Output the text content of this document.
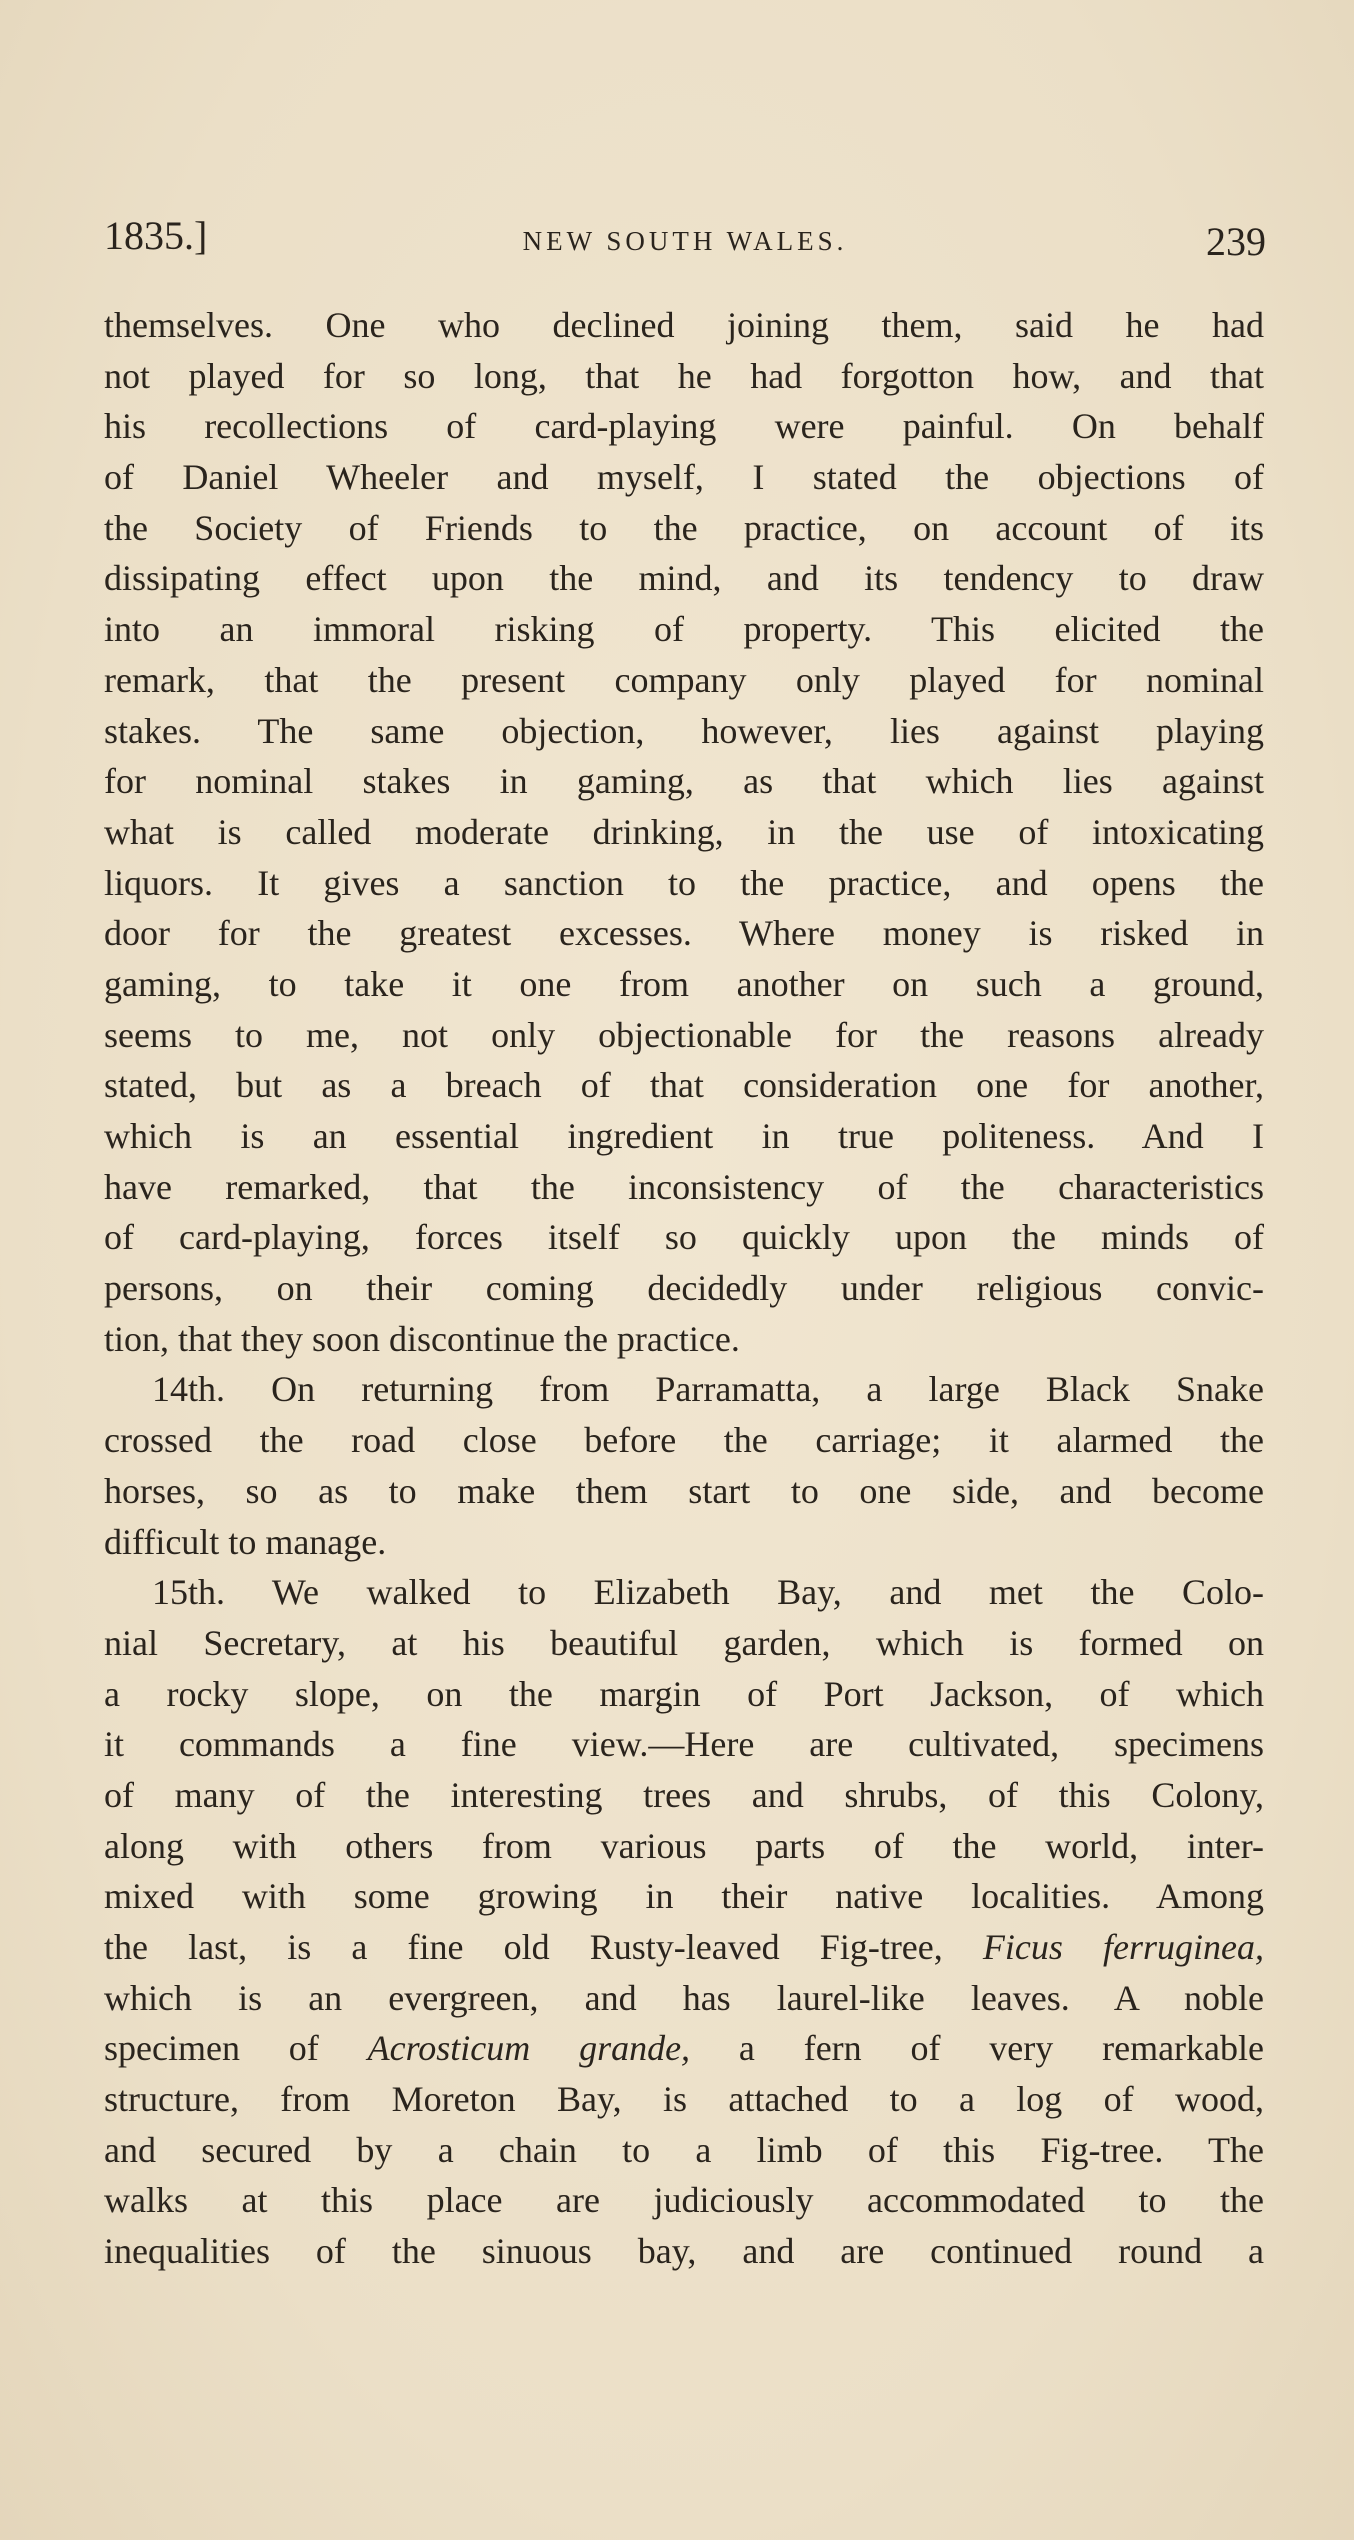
1835.]	NEW SOUTH WALES.	239
themselves. One who declined joining them, said he had
not played for so long, that he had forgotton how, and that
his recollections of card-playing were painful. On behalf
of Daniel Wheeler and myself, I stated the objections of
the Society of Friends to the practice, on account of its
dissipating effect upon the mind, and its tendency to draw
into an immoral risking of property. This elicited the
remark, that the present company only played for nominal
stakes. The same objection, however, lies against playing
for nominal stakes in gaming, as that which lies against
what is called moderate drinking, in the use of intoxicating
liquors. It gives a sanction to the practice, and opens the
door for the greatest excesses. Where money is risked in
gaming, to take it one from another on such a ground,
seems to me, not only objectionable for the reasons already
stated, but as a breach of that consideration one for another,
which is an essential ingredient in true politeness. And I
have remarked, that the inconsistency of the characteristics
of card-playing, forces itself so quickly upon the minds of
persons, on their coming decidedly under religious convic-
tion, that they soon discontinue the practice.
14th. On returning from Parramatta, a large Black Snake
crossed the road close before the carriage; it alarmed the
horses, so as to make them start to one side, and become
difficult to manage.
15th. We walked to Elizabeth Bay, and met the Colo-
nial Secretary, at his beautiful garden, which is formed on
a rocky slope, on the margin of Port Jackson, of which
it commands a fine view.—Here are cultivated, specimens
of many of the interesting trees and shrubs, of this Colony,
along with others from various parts of the world, inter-
mixed with some growing in their native localities. Among
the last, is a fine old Rusty-leaved Fig-tree, Ficus ferruginea,
which is an evergreen, and has laurel-like leaves. A noble
specimen of Acrosticum grande, a fern of very remarkable
structure, from Moreton Bay, is attached to a log of wood,
and secured by a chain to a limb of this Fig-tree. The
walks at this place are judiciously accommodated to the
inequalities of the sinuous bay, and are continued round a
